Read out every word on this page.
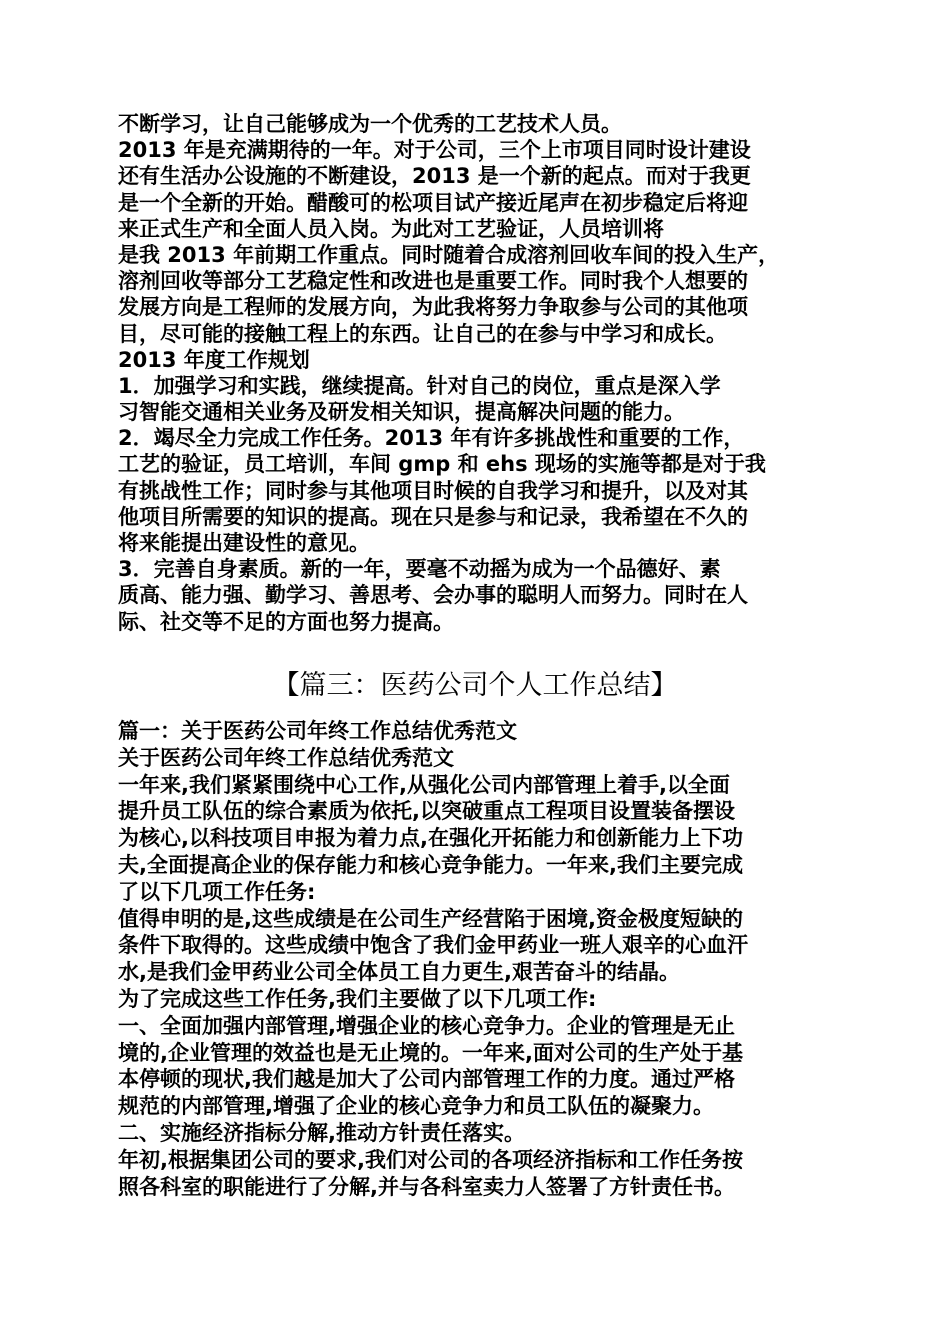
不断学习，让自己能够成为一个优秀的工艺技术人员。
2013 年是充满期待的一年。对于公司，三个上市项目同时设计建设
还有生活办公设施的不断建设，2013 是一个新的起点。而对于我更
是一个全新的开始。醋酸可的松项目试产接近尾声在初步稳定后将迎
来正式生产和全面人员入岗。为此对工艺验证，人员培训将
是我 2013 年前期工作重点。同时随着合成溶剂回收车间的投入生产，
溶剂回收等部分工艺稳定性和改进也是重要工作。同时我个人想要的
发展方向是工程师的发展方向，为此我将努力争取参与公司的其他项
目，尽可能的接触工程上的东西。让自己的在参与中学习和成长。
2013 年度工作规划
1．加强学习和实践，继续提高。针对自己的岗位，重点是深入学
习智能交通相关业务及研发相关知识，提高解决问题的能力。
2．竭尽全力完成工作任务。2013 年有许多挑战性和重要的工作，
工艺的验证，员工培训，车间 gmp 和 ehs 现场的实施等都是对于我
有挑战性工作；同时参与其他项目时候的自我学习和提升，以及对其
他项目所需要的知识的提高。现在只是参与和记录，我希望在不久的
将来能提出建设性的意见。
3．完善自身素质。新的一年，要毫不动摇为成为一个品德好、素
质高、能力强、勤学习、善思考、会办事的聪明人而努力。同时在人
际、社交等不足的方面也努力提高。
【篇三：医药公司个人工作总结】
篇一：关于医药公司年终工作总结优秀范文
关于医药公司年终工作总结优秀范文
一年来,我们紧紧围绕中心工作,从强化公司内部管理上着手,以全面
提升员工队伍的综合素质为依托,以突破重点工程项目设置装备摆设
为核心,以科技项目申报为着力点,在强化开拓能力和创新能力上下功
夫,全面提高企业的保存能力和核心竞争能力。一年来,我们主要完成
了以下几项工作任务:
值得申明的是,这些成绩是在公司生产经营陷于困境,资金极度短缺的
条件下取得的。这些成绩中饱含了我们金甲药业一班人艰辛的心血汗
水,是我们金甲药业公司全体员工自力更生,艰苦奋斗的结晶。
为了完成这些工作任务,我们主要做了以下几项工作:
一、全面加强内部管理,增强企业的核心竞争力。企业的管理是无止
境的,企业管理的效益也是无止境的。一年来,面对公司的生产处于基
本停顿的现状,我们越是加大了公司内部管理工作的力度。通过严格
规范的内部管理,增强了企业的核心竞争力和员工队伍的凝聚力。
二、实施经济指标分解,推动方针责任落实。
年初,根据集团公司的要求,我们对公司的各项经济指标和工作任务按
照各科室的职能进行了分解,并与各科室卖力人签署了方针责任书。
